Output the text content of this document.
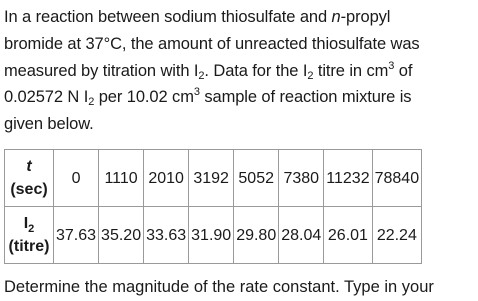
In a reaction between sodium thiosulfate and n-propyl
bromide at 37°C, the amount of unreacted thiosulfate was
measured by titration with $I_2$. Data for the $I_2$ titre in $cm^3$ of
0.02572 N $I_2$ per 10.02 $cm^3$ sample of reaction mixture is
given below.
t
(sec)	0	1110	2010	3192	5052	7380	11232	78840

$I_2$
(titre)	37.63	35.20	33.63	31.90	29.80	28.04	26.01	22.24
Determine the magnitude of the rate constant. Type in your
